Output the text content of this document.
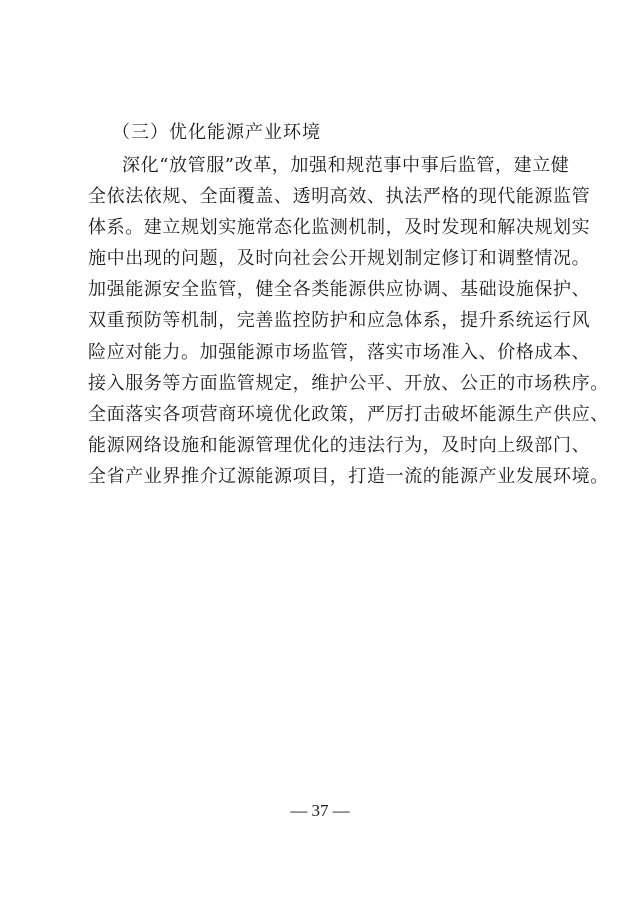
（三）优化能源产业环境
深化“放管服”改革，加强和规范事中事后监管，建立健
全依法依规、全面覆盖、透明高效、执法严格的现代能源监管
体系。建立规划实施常态化监测机制，及时发现和解决规划实
施中出现的问题，及时向社会公开规划制定修订和调整情况。
加强能源安全监管，健全各类能源供应协调、基础设施保护、
双重预防等机制，完善监控防护和应急体系，提升系统运行风
险应对能力。加强能源市场监管，落实市场准入、价格成本、
接入服务等方面监管规定，维护公平、开放、公正的市场秩序。
全面落实各项营商环境优化政策，严厉打击破坏能源生产供应、
能源网络设施和能源管理优化的违法行为，及时向上级部门、
全省产业界推介辽源能源项目，打造一流的能源产业发展环境。
— 37 —
